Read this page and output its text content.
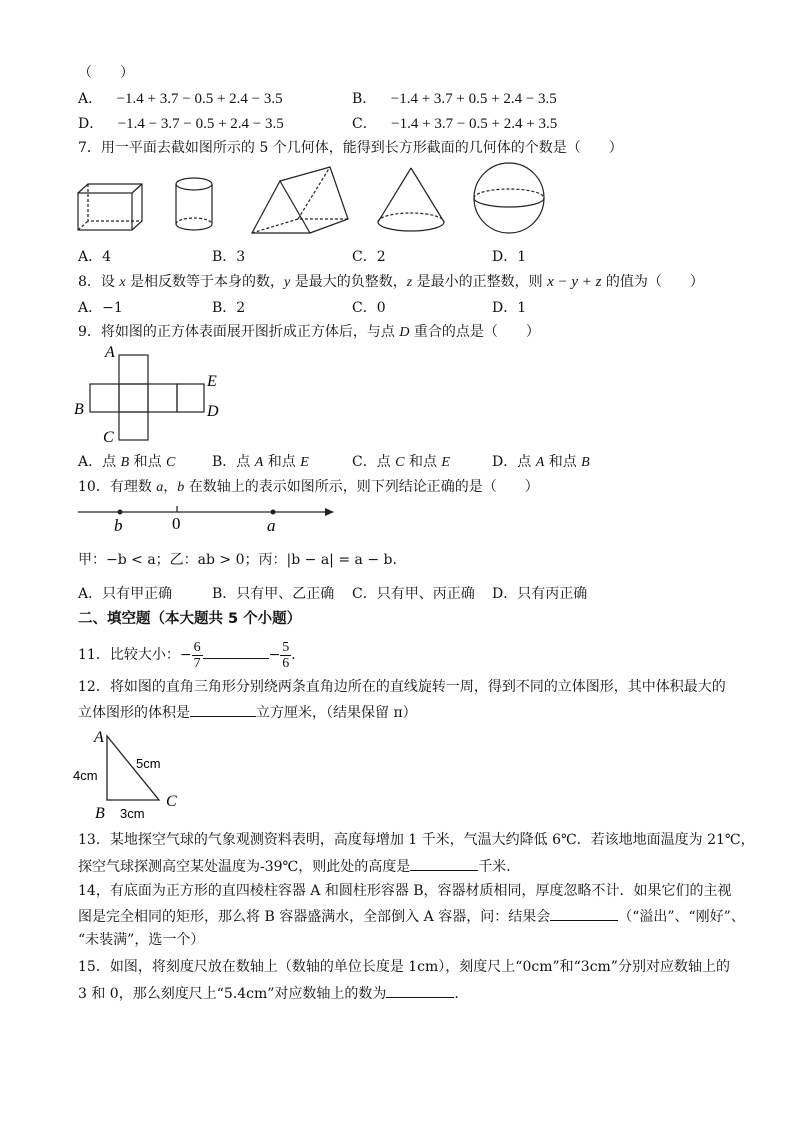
（　　）
A． −1.4 + 3.7 − 0.5 + 2.4 − 3.5	B． −1.4 + 3.7 + 0.5 + 2.4 − 3.5
D． −1.4 − 3.7 − 0.5 + 2.4 − 3.5	C． −1.4 + 3.7 − 0.5 + 2.4 + 3.5
7．用一平面去截如图所示的 5 个几何体，能得到长方形截面的几何体的个数是（　　）
A．4	B．3	C．2	D．1
8．设 x 是相反数等于本身的数，y 是最大的负整数，z 是最小的正整数，则 x − y + z 的值为（　　）
A．−1	B．2	C．0	D．1
9．将如图的正方体表面展开图折成正方体后，与点 D 重合的点是（　　）
A
B
C
E
D
A．点 B 和点 C	B．点 A 和点 E	C．点 C 和点 E	D．点 A 和点 B
10．有理数 a，b 在数轴上的表示如图所示，则下列结论正确的是（　　）
b	0	a
甲：−b < a；乙：ab > 0；丙：|b − a| = a − b．
A．只有甲正确	B．只有甲、乙正确 C．只有甲、丙正确 D．只有丙正确
二、填空题（本大题共 5 个小题）
11．比较大小：− $\frac{6}{7}$	− $\frac{5}{6}$ ．
12．将如图的直角三角形分别绕两条直角边所在的直线旋转一周，得到不同的立体图形，其中体积最大的
立体图形的体积是	立方厘米，（结果保留 π）
A
B
C
4cm
5cm
3cm
13．某地探空气球的气象观测资料表明，高度每增加 1 千米，气温大约降低 6℃．若该地地面温度为 21℃，
探空气球探测高空某处温度为-39℃，则此处的高度是	千米．
14，有底面为正方形的直四棱柱容器 A 和圆柱形容器 B，容器材质相同，厚度忽略不计．如果它们的主视
图是完全相同的矩形，那么将 B 容器盛满水，全部倒入 A 容器，问：结果会	（“溢出”、“刚好”、
“未装满”，选一个）
15．如图，将刻度尺放在数轴上（数轴的单位长度是 1cm），刻度尺上“0cm”和“3cm”分别对应数轴上的
3 和 0，那么刻度尺上“5.4cm”对应数轴上的数为	．
